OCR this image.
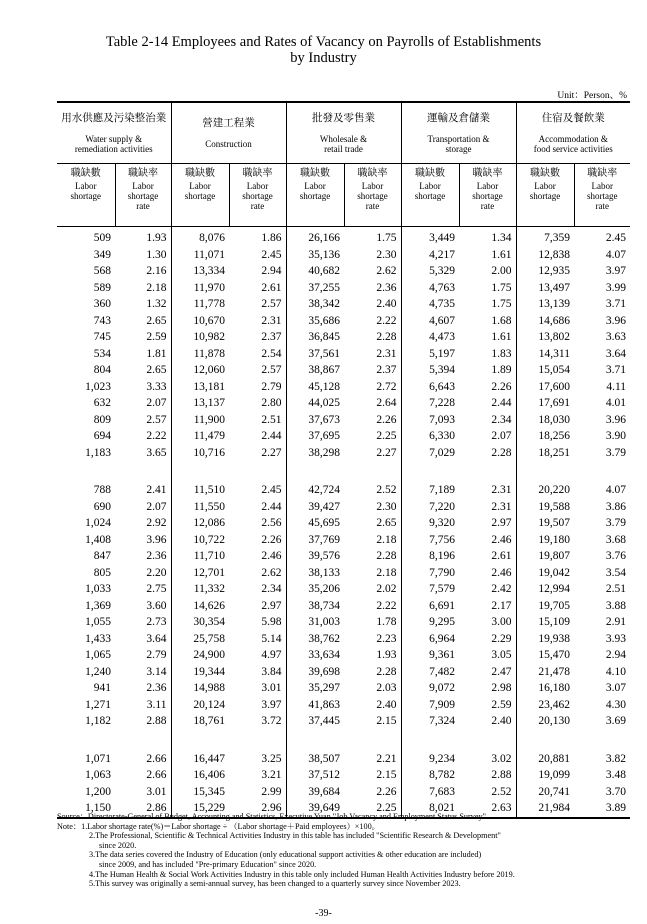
Table 2-14 Employees and Rates of Vacancy on Payrolls of Establishments
by Industry
Unit：Person、%
用水供應及污染整治業
Water supply &
remediation activities		營建工程業
Construction		批發及零售業
Wholesale &
retail trade		運輸及倉儲業
Transportation &
storage		住宿及餐飲業
Accommodation &
food service activities	

職缺數
Labor
shortage	職缺率
Labor
shortage
rate	職缺數
Labor
shortage	職缺率
Labor
shortage
rate	職缺數
Labor
shortage	職缺率
Labor
shortage
rate	職缺數
Labor
shortage	職缺率
Labor
shortage
rate	職缺數
Labor
shortage	職缺率
Labor
shortage
rate

509	1.93	8,076	1.86	26,166	1.75	3,449	1.34	7,359	2.45
349	1.30	11,071	2.45	35,136	2.30	4,217	1.61	12,838	4.07
568	2.16	13,334	2.94	40,682	2.62	5,329	2.00	12,935	3.97
589	2.18	11,970	2.61	37,255	2.36	4,763	1.75	13,497	3.99
360	1.32	11,778	2.57	38,342	2.40	4,735	1.75	13,139	3.71
743	2.65	10,670	2.31	35,686	2.22	4,607	1.68	14,686	3.96
745	2.59	10,982	2.37	36,845	2.28	4,473	1.61	13,802	3.63
534	1.81	11,878	2.54	37,561	2.31	5,197	1.83	14,311	3.64
804	2.65	12,060	2.57	38,867	2.37	5,394	1.89	15,054	3.71
1,023	3.33	13,181	2.79	45,128	2.72	6,643	2.26	17,600	4.11
632	2.07	13,137	2.80	44,025	2.64	7,228	2.44	17,691	4.01
809	2.57	11,900	2.51	37,673	2.26	7,093	2.34	18,030	3.96
694	2.22	11,479	2.44	37,695	2.25	6,330	2.07	18,256	3.90
1,183	3.65	10,716	2.27	38,298	2.27	7,029	2.28	18,251	3.79

788	2.41	11,510	2.45	42,724	2.52	7,189	2.31	20,220	4.07
690	2.07	11,550	2.44	39,427	2.30	7,220	2.31	19,588	3.86
1,024	2.92	12,086	2.56	45,695	2.65	9,320	2.97	19,507	3.79
1,408	3.96	10,722	2.26	37,769	2.18	7,756	2.46	19,180	3.68
847	2.36	11,710	2.46	39,576	2.28	8,196	2.61	19,807	3.76
805	2.20	12,701	2.62	38,133	2.18	7,790	2.46	19,042	3.54
1,033	2.75	11,332	2.34	35,206	2.02	7,579	2.42	12,994	2.51
1,369	3.60	14,626	2.97	38,734	2.22	6,691	2.17	19,705	3.88
1,055	2.73	30,354	5.98	31,003	1.78	9,295	3.00	15,109	2.91
1,433	3.64	25,758	5.14	38,762	2.23	6,964	2.29	19,938	3.93
1,065	2.79	24,900	4.97	33,634	1.93	9,361	3.05	15,470	2.94
1,240	3.14	19,344	3.84	39,698	2.28	7,482	2.47	21,478	4.10
941	2.36	14,988	3.01	35,297	2.03	9,072	2.98	16,180	3.07
1,271	3.11	20,124	3.97	41,863	2.40	7,909	2.59	23,462	4.30
1,182	2.88	18,761	3.72	37,445	2.15	7,324	2.40	20,130	3.69

1,071	2.66	16,447	3.25	38,507	2.21	9,234	3.02	20,881	3.82
1,063	2.66	16,406	3.21	37,512	2.15	8,782	2.88	19,099	3.48
1,200	3.01	15,345	2.99	39,684	2.26	7,683	2.52	20,741	3.70
1,150	2.86	15,229	2.96	39,649	2.25	8,021	2.63	21,984	3.89
Source：Directorate-General of Budget, Accounting and Statistics, Executive Yuan "Job Vacancy and Employment Status Survey".
Note：1.Labor shortage rate(%)＝Labor shortage ÷ （Labor shortage＋Paid employees）×100。
2.The Professional, Scientific & Technical Activities Industry in this table has included "Scientific Research & Development"
since 2020.
3.The data series covered the Industry of Education (only educational support activities & other education are included)
since 2009, and has included "Pre-primary Education" since 2020.
4.The Human Health & Social Work Activities Industry in this table only included Human Health Activities Industry before 2019.
5.This survey was originally a semi-annual survey, has been changed to a quarterly survey since November 2023.
-39-
